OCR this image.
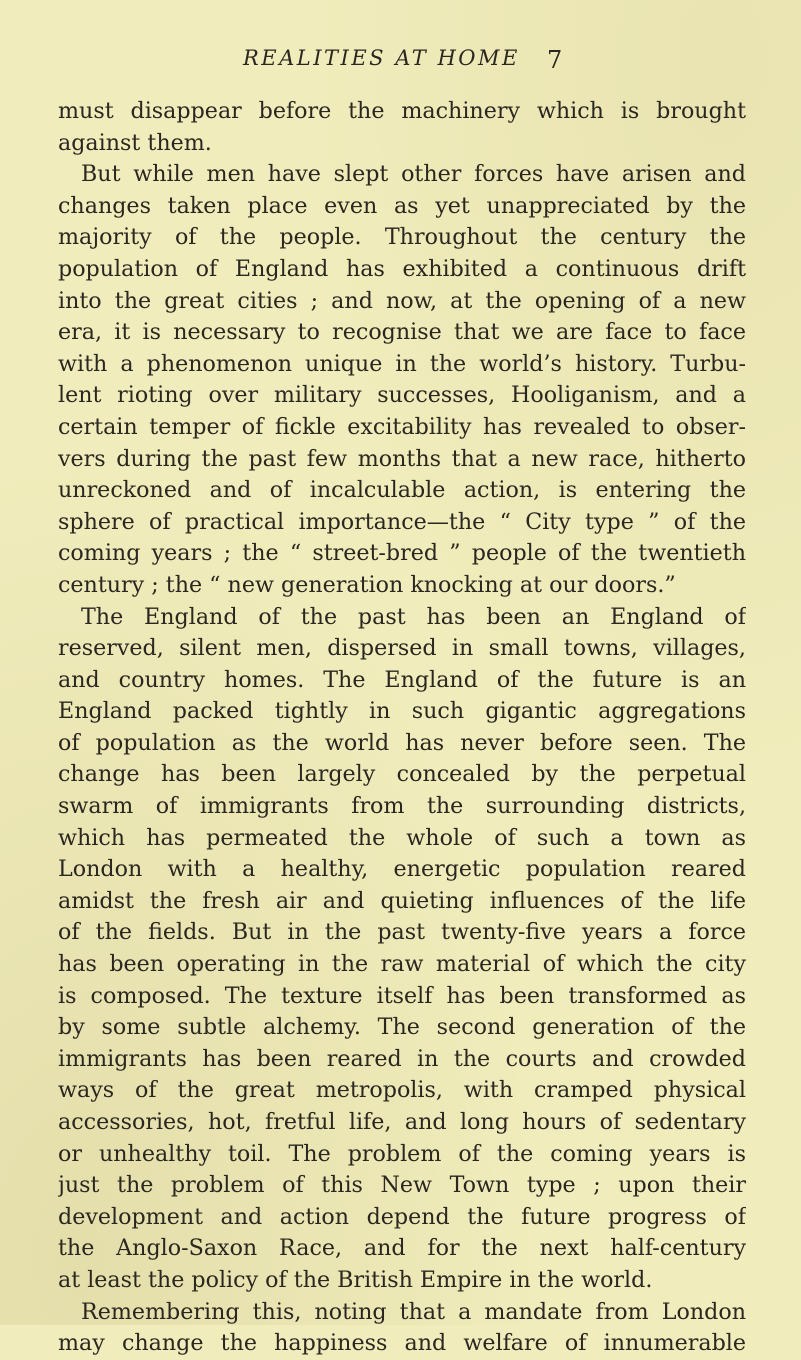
REALITIES AT HOME 7
must disappear before the machinery which is brought
against them.
But while men have slept other forces have arisen and
changes taken place even as yet unappreciated by the
majority of the people. Throughout the century the
population of England has exhibited a continuous drift
into the great cities ; and now, at the opening of a new
era, it is necessary to recognise that we are face to face
with a phenomenon unique in the world’s history. Turbu-
lent rioting over military successes, Hooliganism, and a
certain temper of fickle excitability has revealed to obser-
vers during the past few months that a new race, hitherto
unreckoned and of incalculable action, is entering the
sphere of practical importance—the “ City type ” of the
coming years ; the “ street-bred ” people of the twentieth
century ; the “ new generation knocking at our doors.”
The England of the past has been an England of
reserved, silent men, dispersed in small towns, villages,
and country homes. The England of the future is an
England packed tightly in such gigantic aggregations
of population as the world has never before seen. The
change has been largely concealed by the perpetual
swarm of immigrants from the surrounding districts,
which has permeated the whole of such a town as
London with a healthy, energetic population reared
amidst the fresh air and quieting influences of the life
of the fields. But in the past twenty-five years a force
has been operating in the raw material of which the city
is composed. The texture itself has been transformed as
by some subtle alchemy. The second generation of the
immigrants has been reared in the courts and crowded
ways of the great metropolis, with cramped physical
accessories, hot, fretful life, and long hours of sedentary
or unhealthy toil. The problem of the coming years is
just the problem of this New Town type ; upon their
development and action depend the future progress of
the Anglo-Saxon Race, and for the next half-century
at least the policy of the British Empire in the world.
Remembering this, noting that a mandate from London
may change the happiness and welfare of innumerable
